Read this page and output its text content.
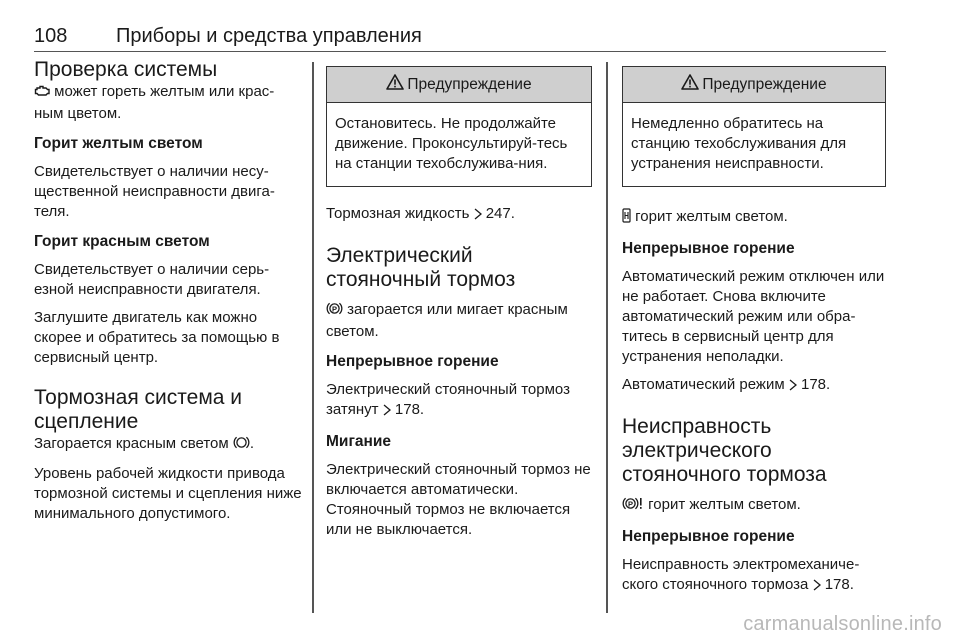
108 Приборы и средства управления
Проверка системы

может гореть желтым или крас-ным цветом.

Горит желтым светом

Свидетельствует о наличии несу-щественной неисправности двига-теля.

Горит красным светом

Свидетельствует о наличии серь-езной неисправности двигателя.

Заглушите двигатель как можно скорее и обратитесь за помощью в сервисный центр.

Тормозная система и сцепление

Загорается красным светом .

Уровень рабочей жидкости привода тормозной системы и сцепления ниже минимального допустимого.

Предупреждение
Остановитесь. Не продолжайте движение. Проконсультируй-тесь на станции техобслужива-ния.

Тормозная жидкость  247.

Электрический стояночный тормоз

P загорается или мигает красным светом.

Непрерывное горение

Электрический стояночный тормоз затянут  178.

Мигание

Электрический стояночный тормоз не включается автоматически. Стояночный тормоз не включается или не выключается.

Предупреждение
Немедленно обратитесь на станцию техобслуживания для устранения неисправности.

горит желтым светом.

Непрерывное горение

Автоматический режим отключен или не работает. Снова включите автоматический режим или обра-титесь в сервисный центр для устранения неполадки.

Автоматический режим  178.

Неисправность электрического стояночного тормоза

P горит желтым светом.

Непрерывное горение

Неисправность электромеханиче-ского стояночного тормоза  178.

carmanualsonline.info
